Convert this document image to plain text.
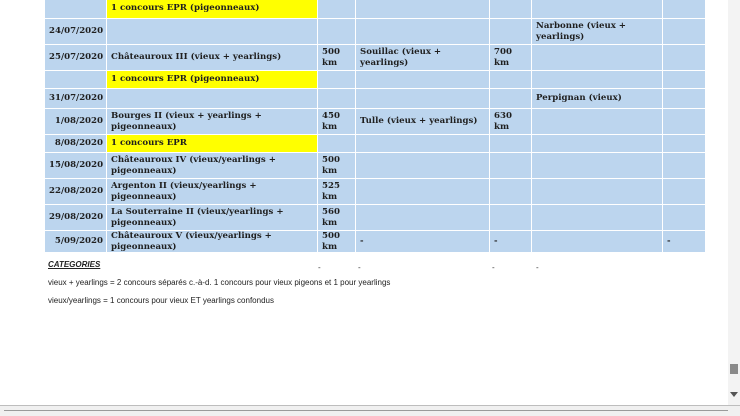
	1 concours EPR (pigeonneaux)					
24/07/2020					Narbonne (vieux + yearlings)	
25/07/2020	Châteauroux III (vieux + yearlings)	500 km	Souillac (vieux + yearlings)	700 km		
	1 concours EPR (pigeonneaux)					
31/07/2020					Perpignan (vieux)	
1/08/2020	Bourges II (vieux + yearlings + pigeonneaux)	450 km	Tulle (vieux + yearlings)	630 km		
8/08/2020	1 concours EPR					
15/08/2020	Châteauroux IV (vieux/yearlings + pigeonneaux)	500 km				
22/08/2020	Argenton II (vieux/yearlings + pigeonneaux)	525 km				
29/08/2020	La Souterraine II (vieux/yearlings + pigeonneaux)	560 km				
5/09/2020	Châteauroux V (vieux/yearlings + pigeonneaux)	500 km	-	-		-
-	-	-	-
CATEGORIES
vieux + yearlings = 2 concours séparés c.-à-d. 1 concours pour vieux pigeons et 1 pour yearlings
vieux/yearlings = 1 concours pour vieux ET yearlings confondus
